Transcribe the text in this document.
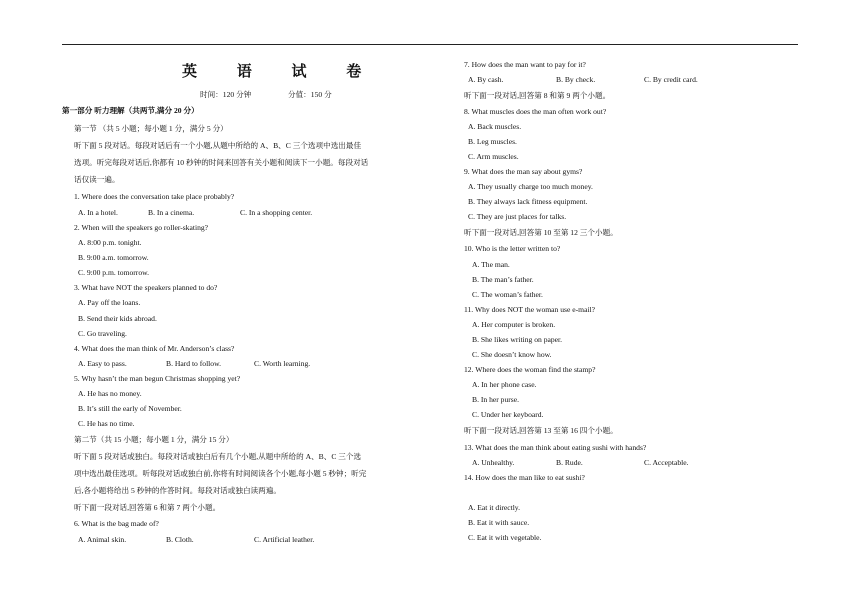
英 语 试 卷
时间：120 分钟	分值：150 分
第一部分 听力理解（共两节,满分 20 分）
第一节 （共 5 小题；每小题 1 分，满分 5 分）
听下面 5 段对话。每段对话后有一个小题,从题中所给的 A、B、C 三个选项中选出最佳
选项。听完每段对话后,你都有 10 秒钟的时间来回答有关小题和阅读下一小题。每段对话
话仅读一遍。
1. Where does the conversation take place probably?
A. In a hotel.	B. In a cinema.	C. In a shopping center.
2. When will the speakers go roller-skating?
A. 8:00 p.m. tonight.
B. 9:00 a.m. tomorrow.
C. 9:00 p.m. tomorrow.
3. What have NOT the speakers planned to do?
A. Pay off the loans.
B. Send their kids abroad.
C. Go traveling.
4. What does the man think of Mr. Anderson’s class?
A. Easy to pass.	B. Hard to follow.	C. Worth learning.
5. Why hasn’t the man begun Christmas shopping yet?
A. He has no money.
B. It’s still the early of November.
C. He has no time.
第二节（共 15 小题；每小题 1 分，满分 15 分）
听下面 5 段对话或独白。每段对话或独白后有几个小题,从题中所给的 A、B、C 三个选
项中选出最佳选项。听每段对话或独白前,你将有时间阅读各个小题,每小题 5 秒钟；听完
后,各小题将给出 5 秒钟的作答时间。每段对话或独白读两遍。
听下面一段对话,回答第 6 和第 7 两个小题。
6. What is the bag made of?
A. Animal skin.	B. Cloth.	C. Artificial leather.
7. How does the man want to pay for it?
A. By cash.	B. By check.	C. By credit card.
听下面一段对话,回答第 8 和第 9 两个小题。
8. What muscles does the man often work out?
A. Back muscles.
B. Leg muscles.
C. Arm muscles.
9. What does the man say about gyms?
A. They usually charge too much money.
B. They always lack fitness equipment.
C. They are just places for talks.
听下面一段对话,回答第 10 至第 12 三个小题。
10. Who is the letter written to?
A. The man.
B. The man’s father.
C. The woman’s father.
11. Why does NOT the woman use e-mail?
A. Her computer is broken.
B. She likes writing on paper.
C. She doesn’t know how.
12. Where does the woman find the stamp?
A. In her phone case.
B. In her purse.
C. Under her keyboard.
听下面一段对话,回答第 13 至第 16 四个小题。
13. What does the man think about eating sushi with hands?
A. Unhealthy.	B. Rude.	C. Acceptable.
14. How does the man like to eat sushi?
A. Eat it directly.
B. Eat it with sauce.
C. Eat it with vegetable.
